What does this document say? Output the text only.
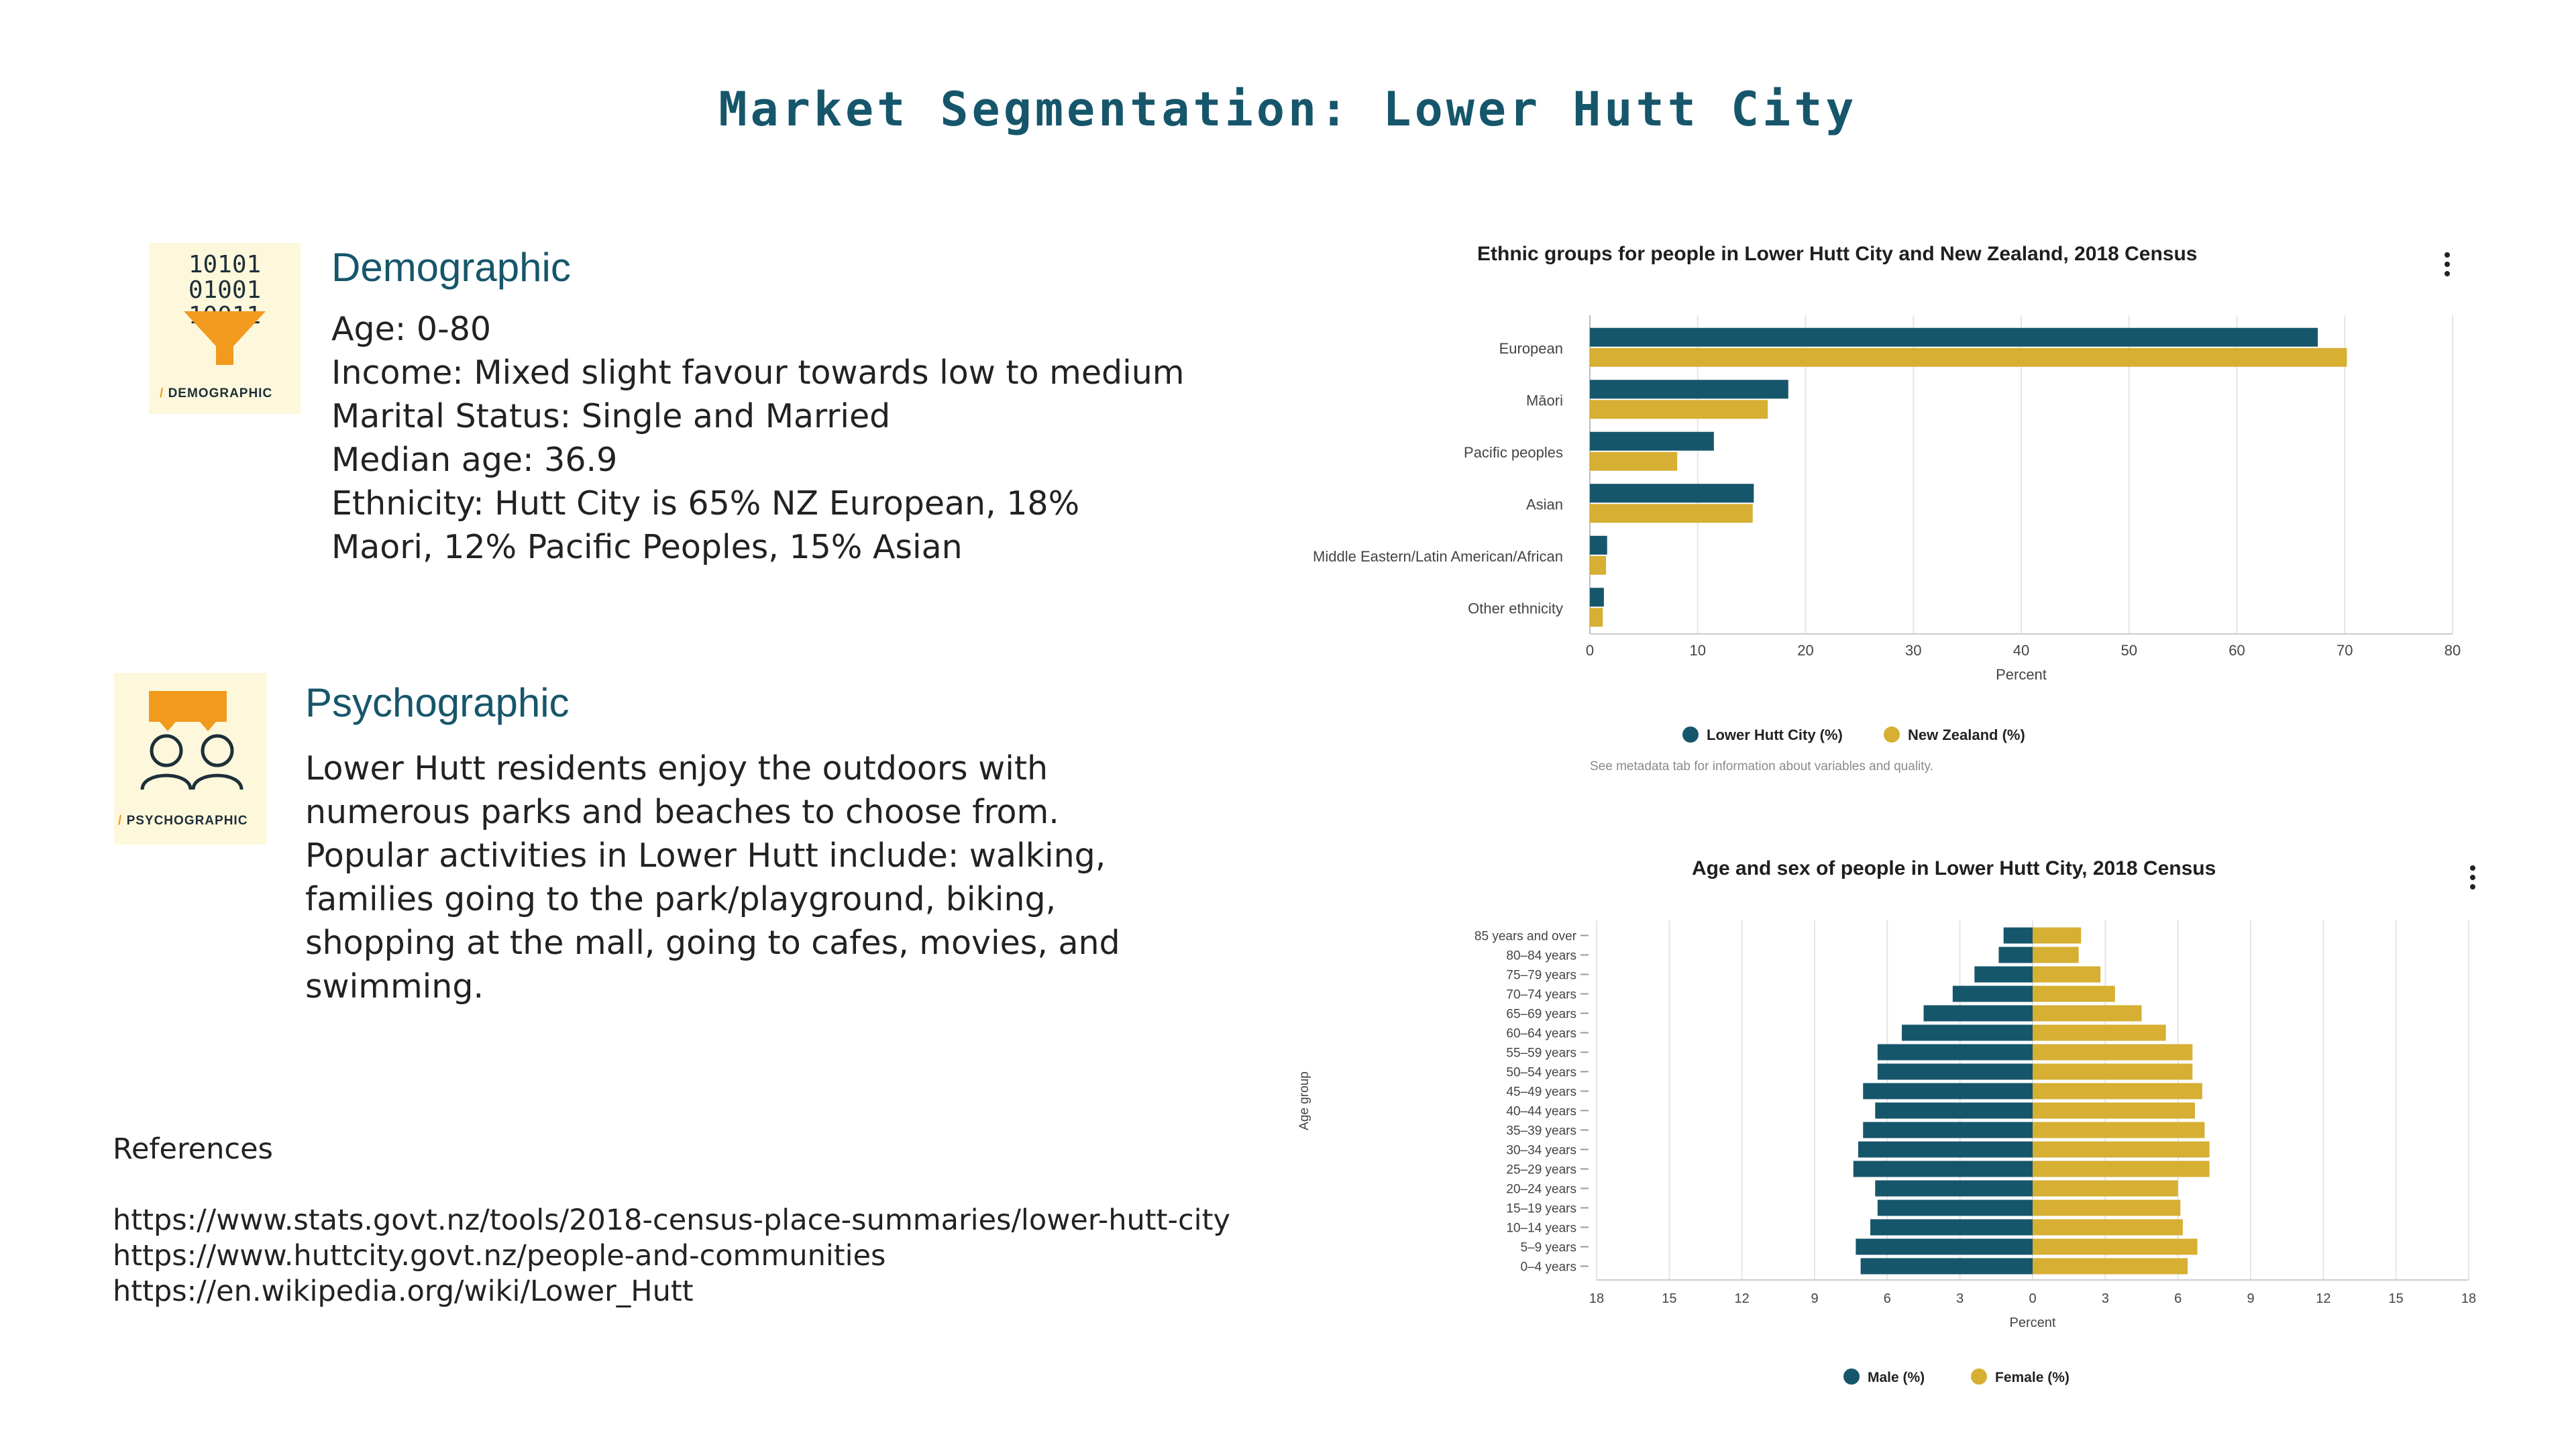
Market Segmentation: Lower Hutt City
10101
01001
/ DEMOGRAPHIC
Demographic
Age: 0-80
Income: Mixed slight favour towards low to medium
Marital Status: Single and Married
Median age: 36.9
Ethnicity: Hutt City is 65% NZ European, 18%
Maori, 12% Pacific Peoples, 15% Asian
/ PSYCHOGRAPHIC
Psychographic
Lower Hutt residents enjoy the outdoors with
numerous parks and beaches to choose from.
Popular activities in Lower Hutt include: walking,
families going to the park/playground, biking,
shopping at the mall, going to cafes, movies, and
swimming.
References
https://www.stats.govt.nz/tools/2018-census-place-summaries/lower-hutt-city
https://www.huttcity.govt.nz/people-and-communities
https://en.wikipedia.org/wiki/Lower_Hutt
Ethnic groups for people in Lower Hutt City and New Zealand, 2018 Census
0	10	20	30	40	50	60	70	80
European
Māori
Pacific peoples
Asian
Middle Eastern/Latin American/African
Other ethnicity
Percent
Lower Hutt City (%)	New Zealand (%)
See metadata tab for information about variables and quality.
Age and sex of people in Lower Hutt City, 2018 Census
18	15	12	9	6	3	0	3	6	9	12	15	18
85 years and over
80–84 years
75–79 years
70–74 years
65–69 years
60–64 years
55–59 years
50–54 years
45–49 years
40–44 years
35–39 years
30–34 years
25–29 years
20–24 years
15–19 years
10–14 years
5–9 years
0–4 years
Age group
Percent
Male (%)	Female (%)
